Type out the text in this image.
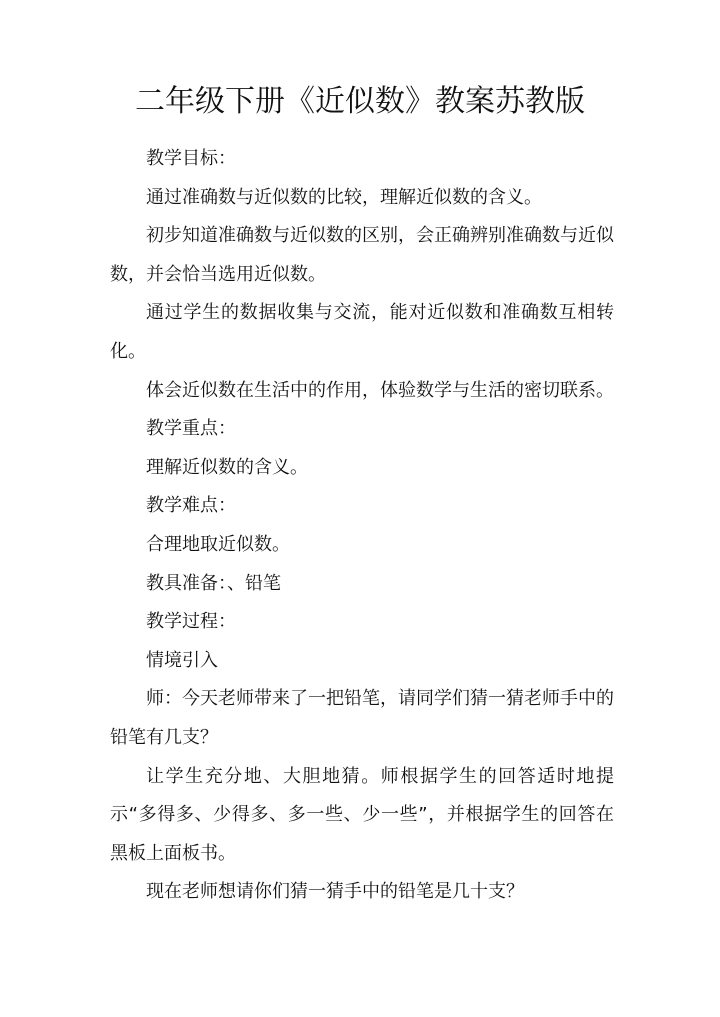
二年级下册《近似数》教案苏教版

教学目标：

通过准确数与近似数的比较，理解近似数的含义。

初步知道准确数与近似数的区别，会正确辨别准确数与近似数，并会恰当选用近似数。

通过学生的数据收集与交流，能对近似数和准确数互相转化。

体会近似数在生活中的作用，体验数学与生活的密切联系。

教学重点：

理解近似数的含义。

教学难点：

合理地取近似数。

教具准备：、铅笔

教学过程：

情境引入

师：今天老师带来了一把铅笔，请同学们猜一猜老师手中的铅笔有几支？

让学生充分地、大胆地猜。师根据学生的回答适时地提示“多得多、少得多、多一些、少一些”，并根据学生的回答在黑板上面板书。

现在老师想请你们猜一猜手中的铅笔是几十支？
